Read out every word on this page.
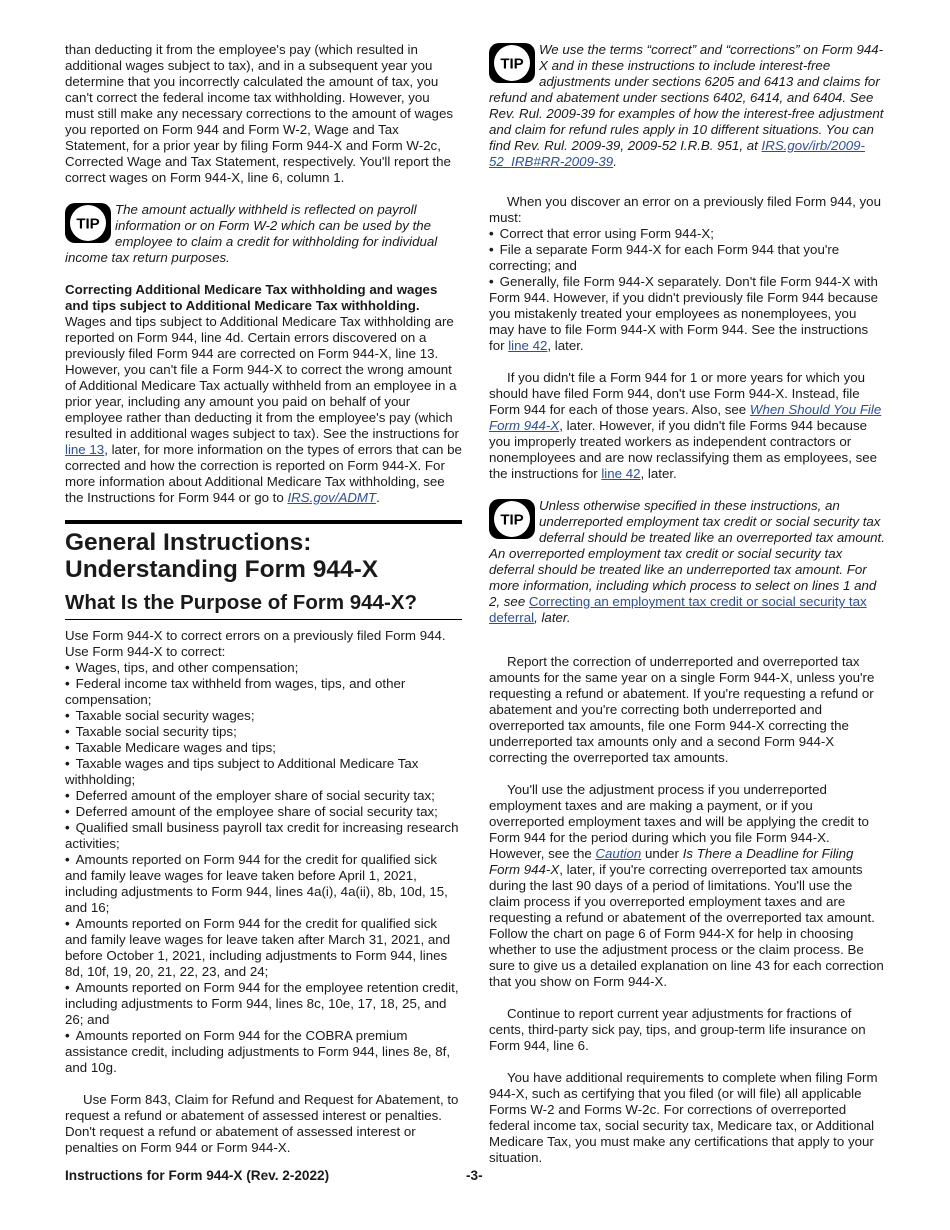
than deducting it from the employee's pay (which resulted in additional wages subject to tax), and in a subsequent year you determine that you incorrectly calculated the amount of tax, you can't correct the federal income tax withholding. However, you must still make any necessary corrections to the amount of wages you reported on Form 944 and Form W-2, Wage and Tax Statement, for a prior year by filing Form 944-X and Form W-2c, Corrected Wage and Tax Statement, respectively. You'll report the correct wages on Form 944-X, line 6, column 1.

TIP
The amount actually withheld is reflected on payroll information or on Form W-2 which can be used by the employee to claim a credit for withholding for individual income tax return purposes.

Correcting Additional Medicare Tax withholding and wages and tips subject to Additional Medicare Tax withholding. Wages and tips subject to Additional Medicare Tax withholding are reported on Form 944, line 4d. Certain errors discovered on a previously filed Form 944 are corrected on Form 944-X, line 13. However, you can't file a Form 944-X to correct the wrong amount of Additional Medicare Tax actually withheld from an employee in a prior year, including any amount you paid on behalf of your employee rather than deducting it from the employee's pay (which resulted in additional wages subject to tax). See the instructions for line 13, later, for more information on the types of errors that can be corrected and how the correction is reported on Form 944-X. For more information about Additional Medicare Tax withholding, see the Instructions for Form 944 or go to IRS.gov/ADMT.

General Instructions: Understanding Form 944-X
What Is the Purpose of Form 944-X?

Use Form 944-X to correct errors on a previously filed Form 944. Use Form 944-X to correct:

• Wages, tips, and other compensation;
• Federal income tax withheld from wages, tips, and other compensation;
• Taxable social security wages;
• Taxable social security tips;
• Taxable Medicare wages and tips;
• Taxable wages and tips subject to Additional Medicare Tax withholding;
• Deferred amount of the employer share of social security tax;
• Deferred amount of the employee share of social security tax;
• Qualified small business payroll tax credit for increasing research activities;
• Amounts reported on Form 944 for the credit for qualified sick and family leave wages for leave taken before April 1, 2021, including adjustments to Form 944, lines 4a(i), 4a(ii), 8b, 10d, 15, and 16;
• Amounts reported on Form 944 for the credit for qualified sick and family leave wages for leave taken after March 31, 2021, and before October 1, 2021, including adjustments to Form 944, lines 8d, 10f, 19, 20, 21, 22, 23, and 24;
• Amounts reported on Form 944 for the employee retention credit, including adjustments to Form 944, lines 8c, 10e, 17, 18, 25, and 26; and
• Amounts reported on Form 944 for the COBRA premium assistance credit, including adjustments to Form 944, lines 8e, 8f, and 10g.

Use Form 843, Claim for Refund and Request for Abatement, to request a refund or abatement of assessed interest or penalties. Don't request a refund or abatement of assessed interest or penalties on Form 944 or Form 944-X.

TIP
We use the terms “correct” and “corrections” on Form 944-X and in these instructions to include interest-free adjustments under sections 6205 and 6413 and claims for refund and abatement under sections 6402, 6414, and 6404. See Rev. Rul. 2009-39 for examples of how the interest-free adjustment and claim for refund rules apply in 10 different situations. You can find Rev. Rul. 2009-39, 2009-52 I.R.B. 951, at IRS.gov/irb/2009-52_IRB#RR-2009-39.

When you discover an error on a previously filed Form 944, you must:

• Correct that error using Form 944-X;
• File a separate Form 944-X for each Form 944 that you're correcting; and
• Generally, file Form 944-X separately. Don't file Form 944-X with Form 944. However, if you didn't previously file Form 944 because you mistakenly treated your employees as nonemployees, you may have to file Form 944-X with Form 944. See the instructions for line 42, later.

If you didn't file a Form 944 for 1 or more years for which you should have filed Form 944, don't use Form 944-X. Instead, file Form 944 for each of those years. Also, see When Should You File Form 944-X, later. However, if you didn't file Forms 944 because you improperly treated workers as independent contractors or nonemployees and are now reclassifying them as employees, see the instructions for line 42, later.

TIP
Unless otherwise specified in these instructions, an underreported employment tax credit or social security tax deferral should be treated like an overreported tax amount. An overreported employment tax credit or social security tax deferral should be treated like an underreported tax amount. For more information, including which process to select on lines 1 and 2, see Correcting an employment tax credit or social security tax deferral, later.

Report the correction of underreported and overreported tax amounts for the same year on a single Form 944-X, unless you're requesting a refund or abatement. If you're requesting a refund or abatement and you're correcting both underreported and overreported tax amounts, file one Form 944-X correcting the underreported tax amounts only and a second Form 944-X correcting the overreported tax amounts.

You'll use the adjustment process if you underreported employment taxes and are making a payment, or if you overreported employment taxes and will be applying the credit to Form 944 for the period during which you file Form 944-X. However, see the Caution under Is There a Deadline for Filing Form 944-X, later, if you're correcting overreported tax amounts during the last 90 days of a period of limitations. You'll use the claim process if you overreported employment taxes and are requesting a refund or abatement of the overreported tax amount. Follow the chart on page 6 of Form 944-X for help in choosing whether to use the adjustment process or the claim process. Be sure to give us a detailed explanation on line 43 for each correction that you show on Form 944-X.

Continue to report current year adjustments for fractions of cents, third-party sick pay, tips, and group-term life insurance on Form 944, line 6.

You have additional requirements to complete when filing Form 944-X, such as certifying that you filed (or will file) all applicable Forms W-2 and Forms W-2c. For corrections of overreported federal income tax, social security tax, Medicare tax, or Additional Medicare Tax, you must make any certifications that apply to your situation.

Instructions for Form 944-X (Rev. 2-2022)	-3-
